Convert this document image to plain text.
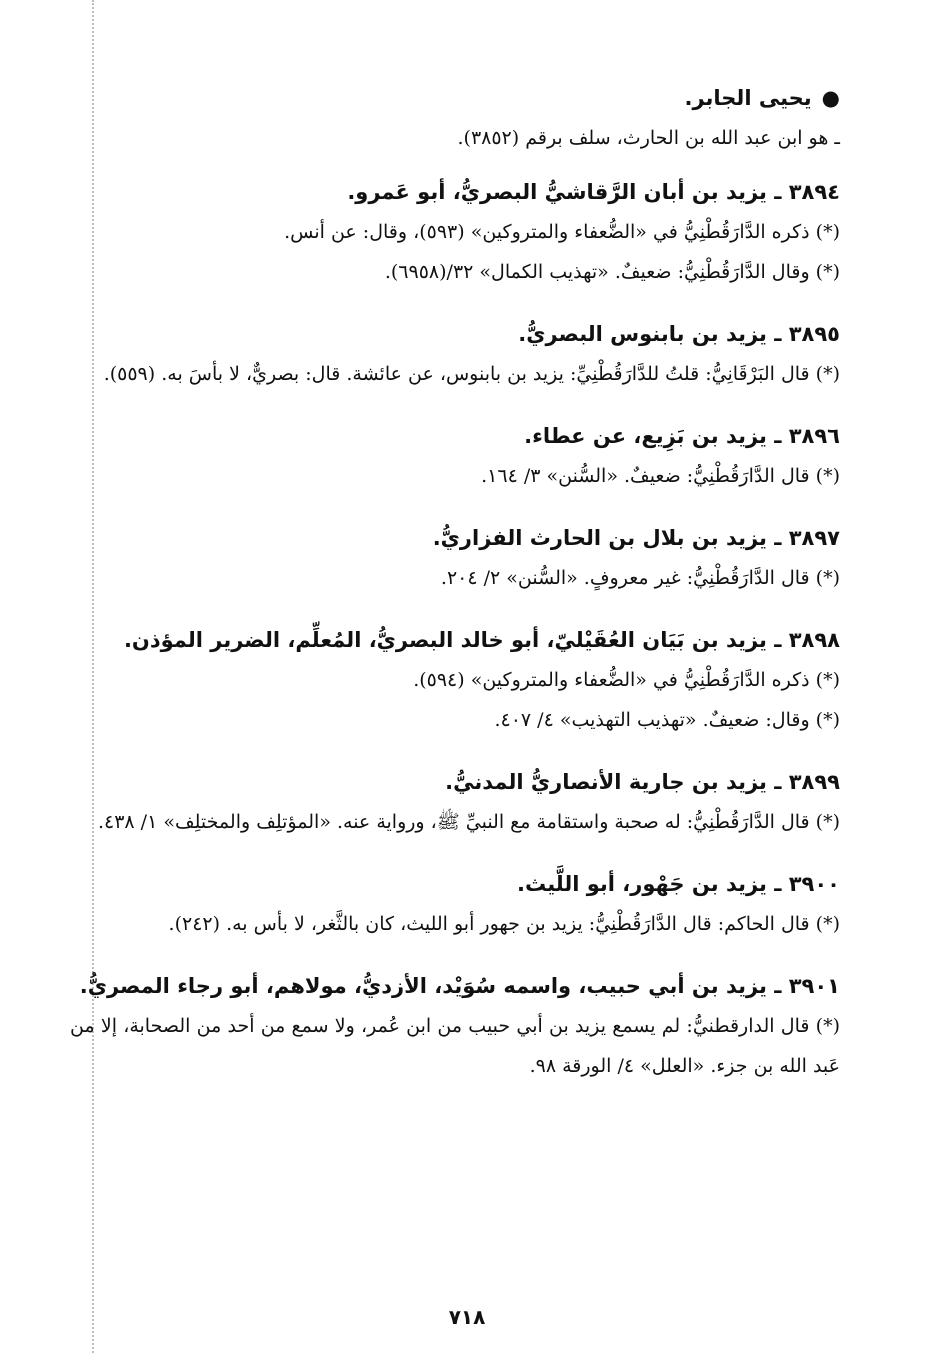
●يحيى الجابر.

ـ هو ابن عبد الله بن الحارث، سلف برقم (٣٨٥٢).

٣٨٩٤ ـ يزيد بن أبان الرَّقاشيُّ البصريُّ، أبو عَمرو.

(*) ذكره الدَّارَقُطْنِيُّ في «الضُّعفاء والمتروكين» (٥٩٣)، وقال: عن أنس.

(*) وقال الدَّارَقُطْنِيُّ: ضعيفٌ. «تهذيب الكمال» ٣٢/(٦٩٥٨).

٣٨٩٥ ـ يزيد بن بابنوس البصريُّ.

(*) قال البَرْقَانِيُّ: قلتُ للدَّارَقُطْنِيِّ: يزيد بن بابنوس، عن عائشة. قال: بصريٌّ، لا بأسَ به. (٥٥٩).

٣٨٩٦ ـ يزيد بن بَزِيع، عن عطاء.

(*) قال الدَّارَقُطْنِيُّ: ضعيفٌ. «السُّنن» ٣/ ١٦٤.

٣٨٩٧ ـ يزيد بن بلال بن الحارث الفزاريُّ.

(*) قال الدَّارَقُطْنِيُّ: غير معروفٍ. «السُّنن» ٢/ ٢٠٤.

٣٨٩٨ ـ يزيد بن بَيَان العُقَيْليّ، أبو خالد البصريُّ، المُعلِّم، الضرير المؤذن.

(*) ذكره الدَّارَقُطْنِيُّ في «الضُّعفاء والمتروكين» (٥٩٤).

(*) وقال: ضعيفٌ. «تهذيب التهذيب» ٤/ ٤٠٧.

٣٨٩٩ ـ يزيد بن جارية الأنصاريُّ المدنيُّ.

(*) قال الدَّارَقُطْنِيُّ: له صحبة واستقامة مع النبيِّ ﷺ، ورواية عنه. «المؤتلِف والمختلِف» ١/ ٤٣٨.

٣٩٠٠ ـ يزيد بن جَهْور، أبو اللَّيث.

(*) قال الحاكم: قال الدَّارَقُطْنِيُّ: يزيد بن جهور أبو الليث، كان بالثَّغر، لا بأس به. (٢٤٢).

٣٩٠١ ـ يزيد بن أبي حبيب، واسمه سُوَيْد، الأزديُّ، مولاهم، أبو رجاء المصريُّ.

(*) قال الدارقطنيُّ: لم يسمع يزيد بن أبي حبيب من ابن عُمر، ولا سمع من أحد من الصحابة، إلا من عَبد الله بن جزء. «العلل» ٤/ الورقة ٩٨.

٧١٨
